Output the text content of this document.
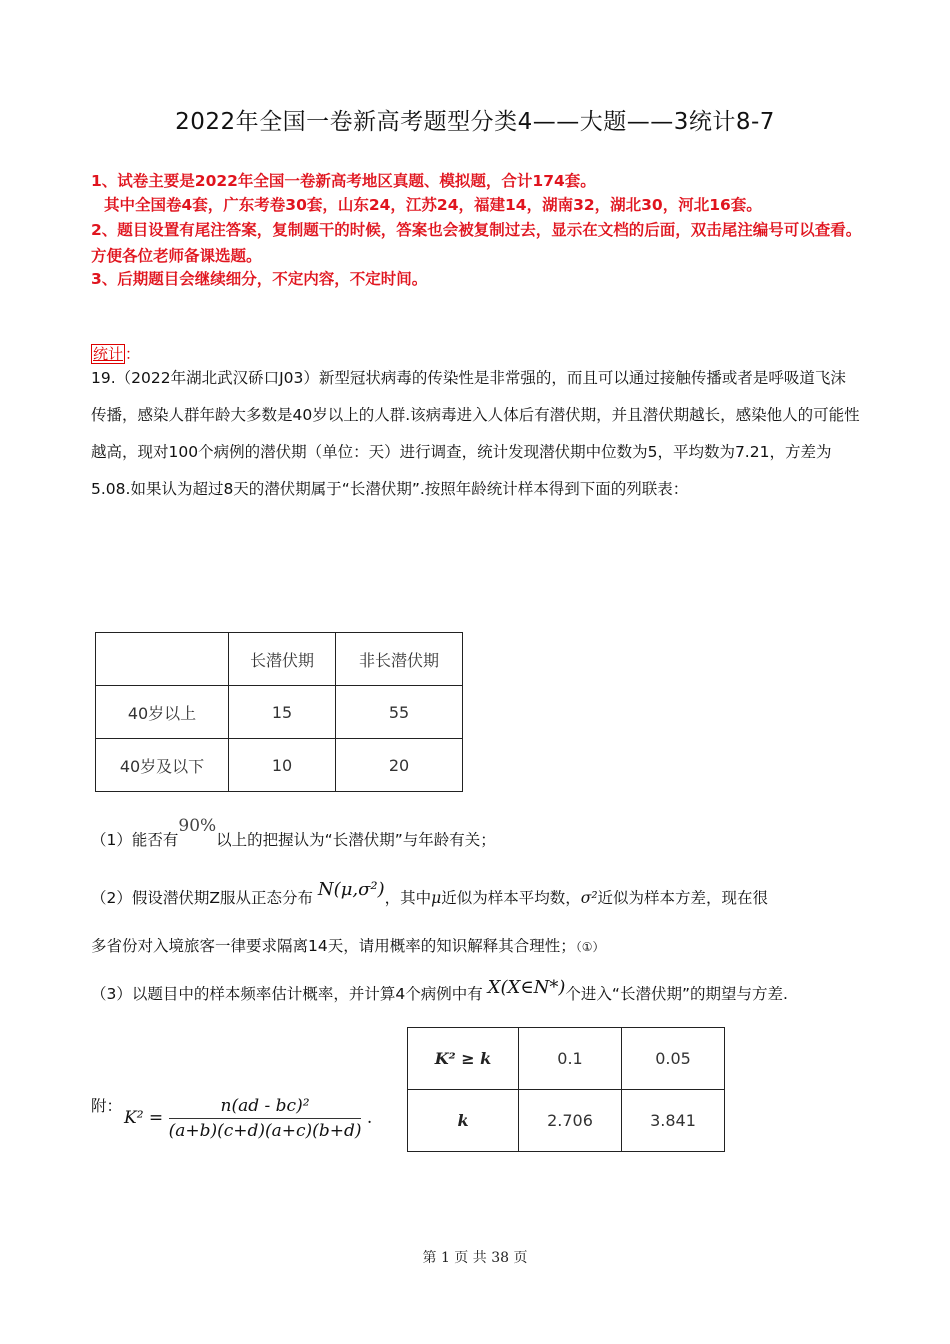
2022年全国一卷新高考题型分类4——大题——3统计8-7
1、试卷主要是2022年全国一卷新高考地区真题、模拟题，合计174套。
其中全国卷4套，广东考卷30套，山东24，江苏24，福建14，湖南32，湖北30，河北16套。
2、题目设置有尾注答案，复制题干的时候，答案也会被复制过去，显示在文档的后面，双击尾注编号可以查看。方便各位老师备课选题。
3、后期题目会继续细分，不定内容，不定时间。
统计 ：
19.（2022年湖北武汉硚口J03）新型冠状病毒的传染性是非常强的，而且可以通过接触传播或者是呼吸道飞沫传播，感染人群年龄大多数是40岁以上的人群.该病毒进入人体后有潜伏期，并且潜伏期越长，感染他人的可能性越高，现对100个病例的潜伏期（单位：天）进行调查，统计发现潜伏期中位数为5，平均数为7.21，方差为5.08.如果认为超过8天的潜伏期属于“长潜伏期”.按照年龄统计样本得到下面的列联表：
	长潜伏期	非长潜伏期
40岁以上	15	55
40岁及以下	10	20
（1）能否有90%以上的把握认为“长潜伏期”与年龄有关；
（2）假设潜伏期Z服从正态分布 N(μ,σ²)，其中μ近似为样本平均数，σ²近似为样本方差，现在很
多省份对入境旅客一律要求隔离14天，请用概率的知识解释其合理性；（①）
（3）以题目中的样本频率估计概率，并计算4个病例中有 X(X∈N*)个进入“长潜伏期”的期望与方差.
附：
$K^2 = \frac{\text{n(ad - bc)²}}{(a+b)(c+d)(a+c)(b+d)}$ .
K² ≥ k	0.1	0.05
k	2.706	3.841
第 1 页 共 38 页
